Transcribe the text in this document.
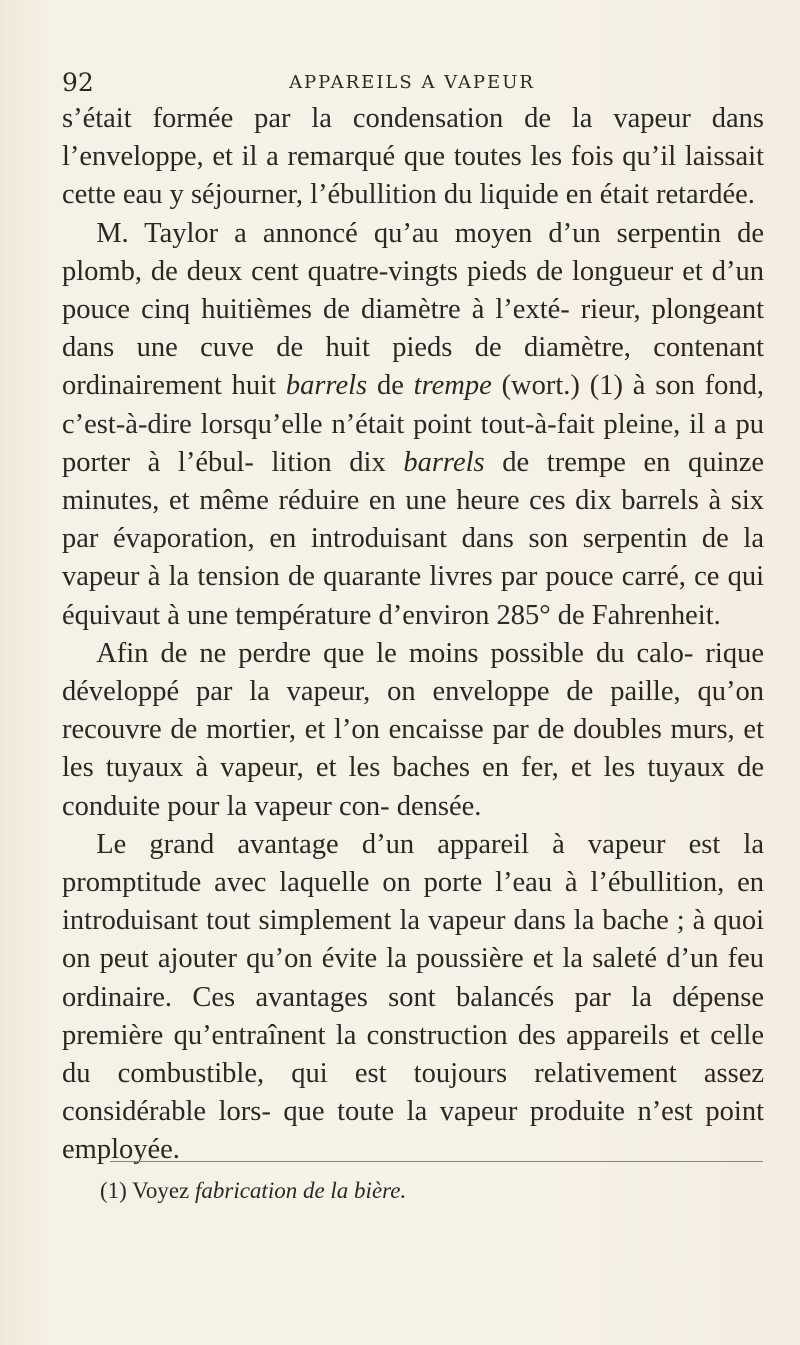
92	APPAREILS A VAPEUR

s’était formée par la condensation de la vapeur dans l’enveloppe, et il a remarqué que toutes les fois qu’il laissait cette eau y séjourner, l’ébullition du liquide en était retardée.

M. Taylor a annoncé qu’au moyen d’un serpentin de plomb, de deux cent quatre-vingts pieds de longueur et d’un pouce cinq huitièmes de diamètre à l’exté- rieur, plongeant dans une cuve de huit pieds de diamètre, contenant ordinairement huit barrels de trempe (wort.) (1) à son fond, c’est-à-dire lorsqu’elle n’était point tout-à-fait pleine, il a pu porter à l’ébul- lition dix barrels de trempe en quinze minutes, et même réduire en une heure ces dix barrels à six par évaporation, en introduisant dans son serpentin de la vapeur à la tension de quarante livres par pouce carré, ce qui équivaut à une température d’environ 285° de Fahrenheit.

Afin de ne perdre que le moins possible du calo- rique développé par la vapeur, on enveloppe de paille, qu’on recouvre de mortier, et l’on encaisse par de doubles murs, et les tuyaux à vapeur, et les baches en fer, et les tuyaux de conduite pour la vapeur con- densée.

Le grand avantage d’un appareil à vapeur est la promptitude avec laquelle on porte l’eau à l’ébullition, en introduisant tout simplement la vapeur dans la bache ; à quoi on peut ajouter qu’on évite la poussière et la saleté d’un feu ordinaire. Ces avantages sont balancés par la dépense première qu’entraînent la construction des appareils et celle du combustible, qui est toujours relativement assez considérable lors- que toute la vapeur produite n’est point employée.

(1) Voyez fabrication de la bière.
